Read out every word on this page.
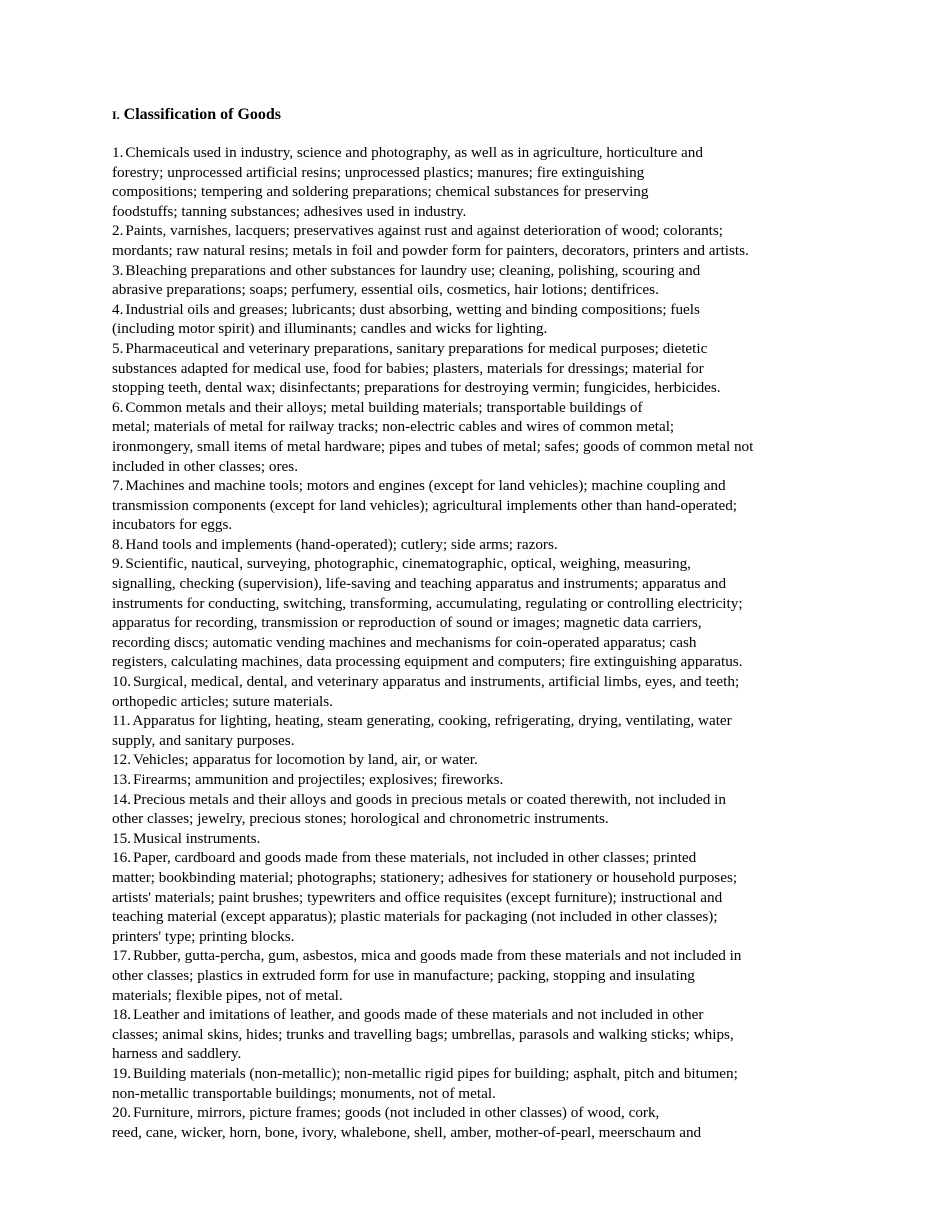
I. Classification of Goods
1. Chemicals used in industry, science and photography, as well as in agriculture, horticulture and
forestry; unprocessed artificial resins; unprocessed plastics; manures; fire extinguishing
compositions; tempering and soldering preparations; chemical substances for preserving
foodstuffs; tanning substances; adhesives used in industry.
2. Paints, varnishes, lacquers; preservatives against rust and against deterioration of wood; colorants;
mordants; raw natural resins; metals in foil and powder form for painters, decorators, printers and artists.
3. Bleaching preparations and other substances for laundry use; cleaning, polishing, scouring and
abrasive preparations; soaps; perfumery, essential oils, cosmetics, hair lotions; dentifrices.
4. Industrial oils and greases; lubricants; dust absorbing, wetting and binding compositions; fuels
(including motor spirit) and illuminants; candles and wicks for lighting.
5. Pharmaceutical and veterinary preparations, sanitary preparations for medical purposes; dietetic
substances adapted for medical use, food for babies; plasters, materials for dressings; material for
stopping teeth, dental wax; disinfectants; preparations for destroying vermin; fungicides, herbicides.
6. Common metals and their alloys; metal building materials; transportable buildings of
metal; materials of metal for railway tracks; non-electric cables and wires of common metal;
ironmongery, small items of metal hardware; pipes and tubes of metal; safes; goods of common metal not
included in other classes; ores.
7. Machines and machine tools; motors and engines (except for land vehicles); machine coupling and
transmission components (except for land vehicles); agricultural implements other than hand-operated;
incubators for eggs.
8. Hand tools and implements (hand-operated); cutlery; side arms; razors.
9. Scientific, nautical, surveying, photographic, cinematographic, optical, weighing, measuring,
signalling, checking (supervision), life-saving and teaching apparatus and instruments; apparatus and
instruments for conducting, switching, transforming, accumulating, regulating or controlling electricity;
apparatus for recording, transmission or reproduction of sound or images; magnetic data carriers,
recording discs; automatic vending machines and mechanisms for coin-operated apparatus; cash
registers, calculating machines, data processing equipment and computers; fire extinguishing apparatus.
10. Surgical, medical, dental, and veterinary apparatus and instruments, artificial limbs, eyes, and teeth;
orthopedic articles; suture materials.
11. Apparatus for lighting, heating, steam generating, cooking, refrigerating, drying, ventilating, water
supply, and sanitary purposes.
12. Vehicles; apparatus for locomotion by land, air, or water.
13. Firearms; ammunition and projectiles; explosives; fireworks.
14. Precious metals and their alloys and goods in precious metals or coated therewith, not included in
other classes; jewelry, precious stones; horological and chronometric instruments.
15. Musical instruments.
16. Paper, cardboard and goods made from these materials, not included in other classes; printed
matter; bookbinding material; photographs; stationery; adhesives for stationery or household purposes;
artists' materials; paint brushes; typewriters and office requisites (except furniture); instructional and
teaching material (except apparatus); plastic materials for packaging (not included in other classes);
printers' type; printing blocks.
17. Rubber, gutta-percha, gum, asbestos, mica and goods made from these materials and not included in
other classes; plastics in extruded form for use in manufacture; packing, stopping and insulating
materials; flexible pipes, not of metal.
18. Leather and imitations of leather, and goods made of these materials and not included in other
classes; animal skins, hides; trunks and travelling bags; umbrellas, parasols and walking sticks; whips,
harness and saddlery.
19. Building materials (non-metallic); non-metallic rigid pipes for building; asphalt, pitch and bitumen;
non-metallic transportable buildings; monuments, not of metal.
20. Furniture, mirrors, picture frames; goods (not included in other classes) of wood, cork,
reed, cane, wicker, horn, bone, ivory, whalebone, shell, amber, mother-of-pearl, meerschaum and
